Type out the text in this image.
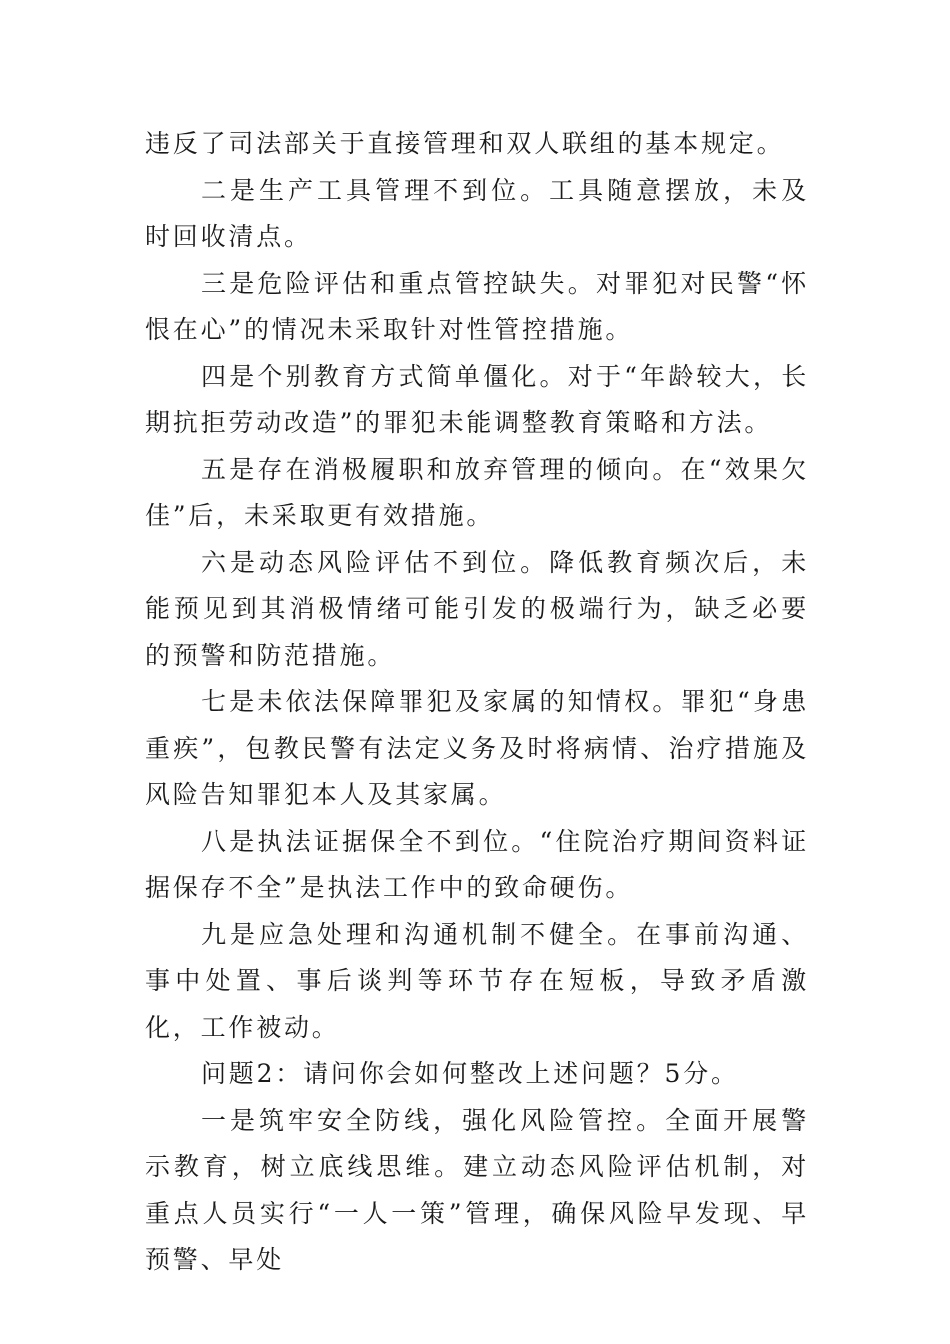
违反了司法部关于直接管理和双人联组的基本规定。

二是生产工具管理不到位。工具随意摆放，未及时回收清点。

三是危险评估和重点管控缺失。对罪犯对民警“怀恨在心”的情况未采取针对性管控措施。

四是个别教育方式简单僵化。对于“年龄较大，长期抗拒劳动改造”的罪犯未能调整教育策略和方法。

五是存在消极履职和放弃管理的倾向。在“效果欠佳”后，未采取更有效措施。

六是动态风险评估不到位。降低教育频次后，未能预见到其消极情绪可能引发的极端行为，缺乏必要的预警和防范措施。

七是未依法保障罪犯及家属的知情权。罪犯“身患重疾”，包教民警有法定义务及时将病情、治疗措施及风险告知罪犯本人及其家属。

八是执法证据保全不到位。“住院治疗期间资料证据保存不全”是执法工作中的致命硬伤。

九是应急处理和沟通机制不健全。在事前沟通、事中处置、事后谈判等环节存在短板，导致矛盾激化，工作被动。

问题2：请问你会如何整改上述问题？5分。

一是筑牢安全防线，强化风险管控。全面开展警示教育，树立底线思维。建立动态风险评估机制，对重点人员实行“一人一策”管理，确保风险早发现、早预警、早处
